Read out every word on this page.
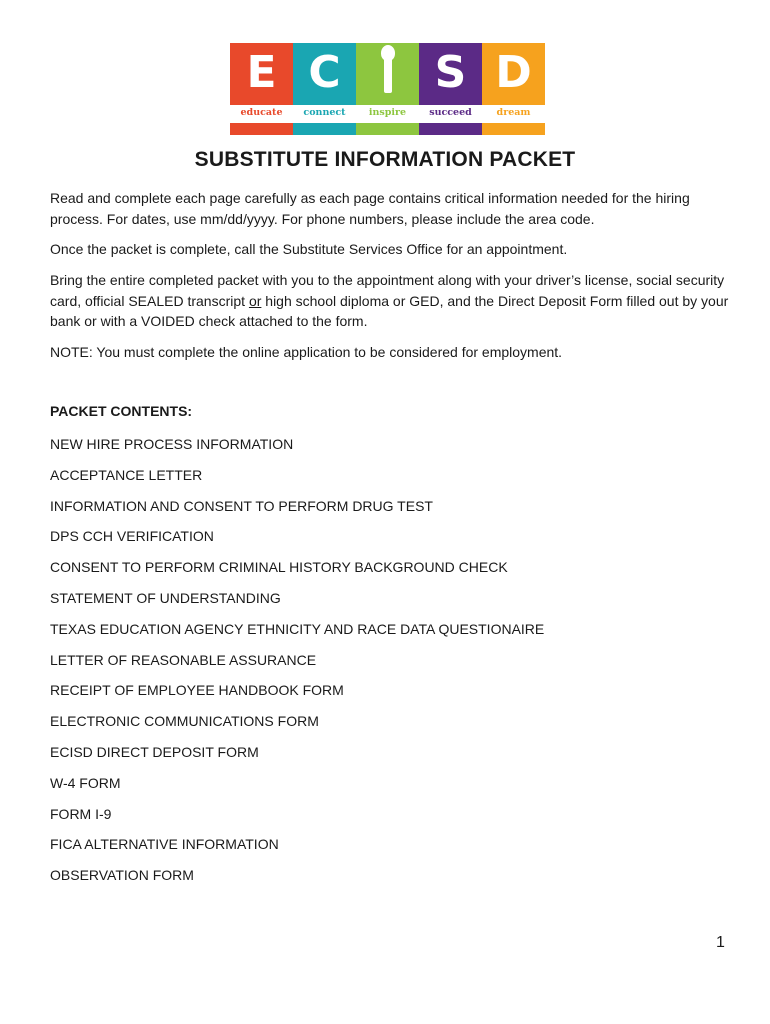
E C	S D
educate	connect	inspire	succeed	dream
SUBSTITUTE INFORMATION PACKET

Read and complete each page carefully as each page contains critical information needed for the hiring process. For dates, use mm/dd/yyyy. For phone numbers, please include the area code.

Once the packet is complete, call the Substitute Services Office for an appointment.

Bring the entire completed packet with you to the appointment along with your driver’s license, social security card, official SEALED transcript or high school diploma or GED, and the Direct Deposit Form filled out by your bank or with a VOIDED check attached to the form.

NOTE: You must complete the online application to be considered for employment.

PACKET CONTENTS:
NEW HIRE PROCESS INFORMATION
ACCEPTANCE LETTER
INFORMATION AND CONSENT TO PERFORM DRUG TEST
DPS CCH VERIFICATION
CONSENT TO PERFORM CRIMINAL HISTORY BACKGROUND CHECK
STATEMENT OF UNDERSTANDING
TEXAS EDUCATION AGENCY ETHNICITY AND RACE DATA QUESTIONAIRE
LETTER OF REASONABLE ASSURANCE
RECEIPT OF EMPLOYEE HANDBOOK FORM
ELECTRONIC COMMUNICATIONS FORM
ECISD DIRECT DEPOSIT FORM
W-4 FORM
FORM I-9
FICA ALTERNATIVE INFORMATION
OBSERVATION FORM
1
